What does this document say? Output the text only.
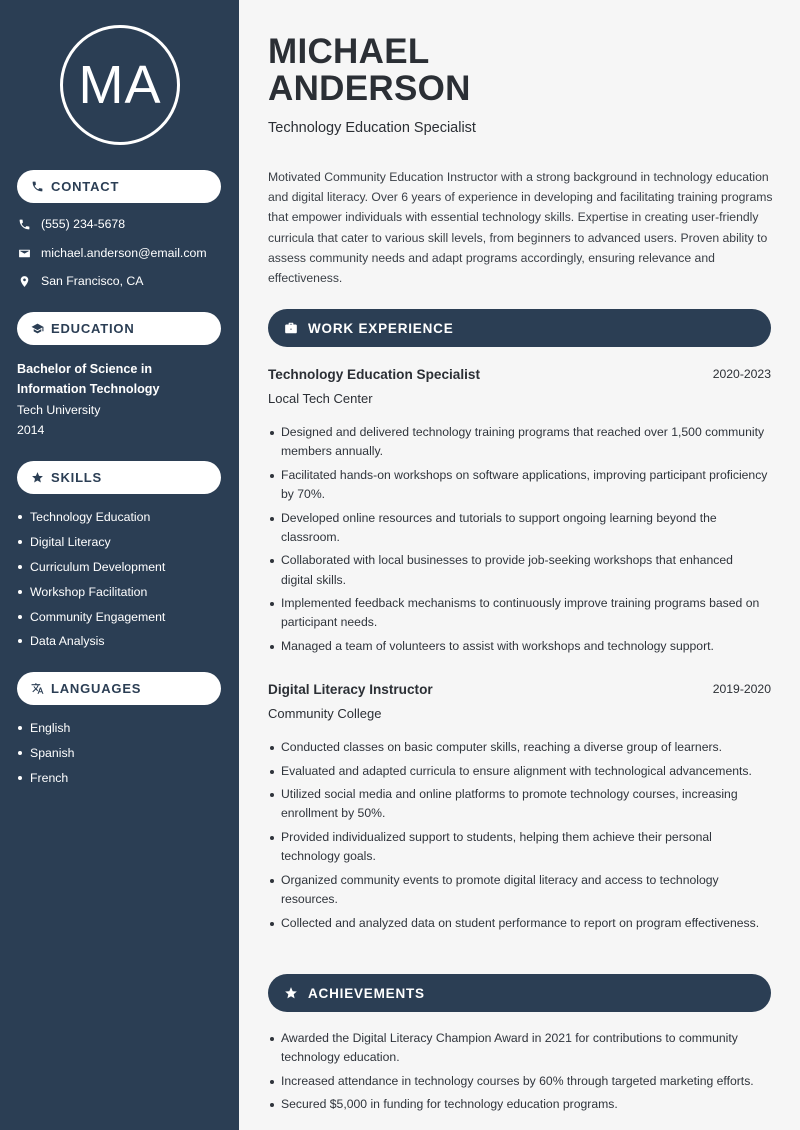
MA
CONTACT
(555) 234-5678
michael.anderson@email.com
San Francisco, CA
EDUCATION
Bachelor of Science in Information Technology
Tech University
2014
SKILLS
Technology Education
Digital Literacy
Curriculum Development
Workshop Facilitation
Community Engagement
Data Analysis
LANGUAGES
English
Spanish
French
MICHAEL
ANDERSON
Technology Education Specialist
Motivated Community Education Instructor with a strong background in technology education and digital literacy. Over 6 years of experience in developing and facilitating training programs that empower individuals with essential technology skills. Expertise in creating user-friendly curricula that cater to various skill levels, from beginners to advanced users. Proven ability to assess community needs and adapt programs accordingly, ensuring relevance and effectiveness.
WORK EXPERIENCE
Technology Education Specialist	2020-2023
Local Tech Center
Designed and delivered technology training programs that reached over 1,500 community members annually.
Facilitated hands-on workshops on software applications, improving participant proficiency by 70%.
Developed online resources and tutorials to support ongoing learning beyond the classroom.
Collaborated with local businesses to provide job-seeking workshops that enhanced digital skills.
Implemented feedback mechanisms to continuously improve training programs based on participant needs.
Managed a team of volunteers to assist with workshops and technology support.
Digital Literacy Instructor	2019-2020
Community College
Conducted classes on basic computer skills, reaching a diverse group of learners.
Evaluated and adapted curricula to ensure alignment with technological advancements.
Utilized social media and online platforms to promote technology courses, increasing enrollment by 50%.
Provided individualized support to students, helping them achieve their personal technology goals.
Organized community events to promote digital literacy and access to technology resources.
Collected and analyzed data on student performance to report on program effectiveness.
ACHIEVEMENTS
Awarded the Digital Literacy Champion Award in 2021 for contributions to community technology education.
Increased attendance in technology courses by 60% through targeted marketing efforts.
Secured $5,000 in funding for technology education programs.
